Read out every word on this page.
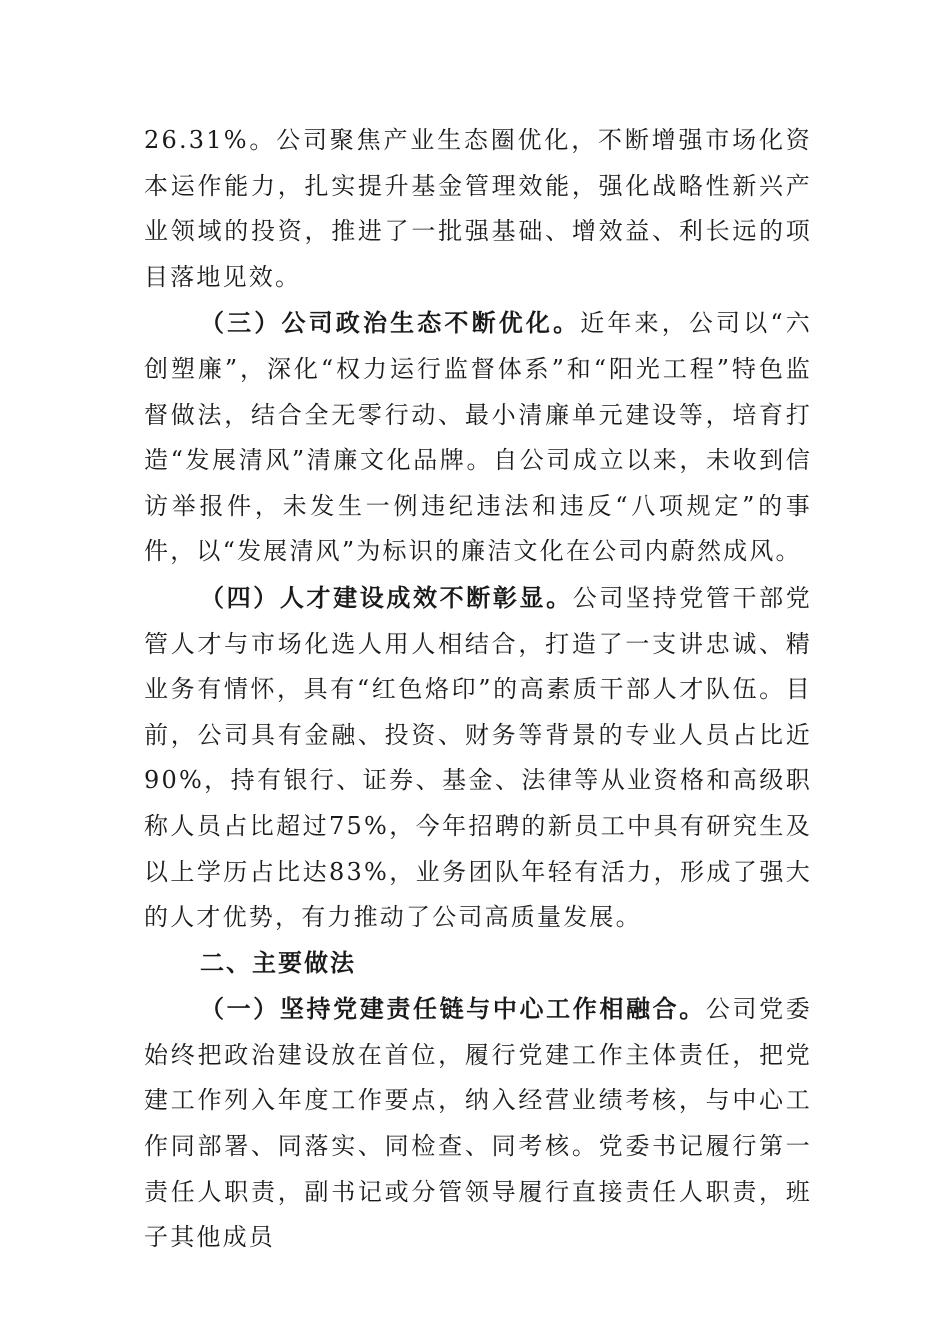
26.31%。公司聚焦产业生态圈优化，不断增强市场化资本运作能力，扎实提升基金管理效能，强化战略性新兴产业领域的投资，推进了一批强基础、增效益、利长远的项目落地见效。

（三）公司政治生态不断优化。近年来，公司以“六创塑廉”，深化“权力运行监督体系”和“阳光工程”特色监督做法，结合全无零行动、最小清廉单元建设等，培育打造“发展清风”清廉文化品牌。自公司成立以来，未收到信访举报件，未发生一例违纪违法和违反“八项规定”的事件，以“发展清风”为标识的廉洁文化在公司内蔚然成风。

（四）人才建设成效不断彰显。公司坚持党管干部党管人才与市场化选人用人相结合，打造了一支讲忠诚、精业务有情怀，具有“红色烙印”的高素质干部人才队伍。目前，公司具有金融、投资、财务等背景的专业人员占比近90%，持有银行、证券、基金、法律等从业资格和高级职称人员占比超过75%，今年招聘的新员工中具有研究生及以上学历占比达83%，业务团队年轻有活力，形成了强大的人才优势，有力推动了公司高质量发展。

二、主要做法

（一）坚持党建责任链与中心工作相融合。公司党委始终把政治建设放在首位，履行党建工作主体责任，把党建工作列入年度工作要点，纳入经营业绩考核，与中心工作同部署、同落实、同检查、同考核。党委书记履行第一责任人职责，副书记或分管领导履行直接责任人职责，班子其他成员
